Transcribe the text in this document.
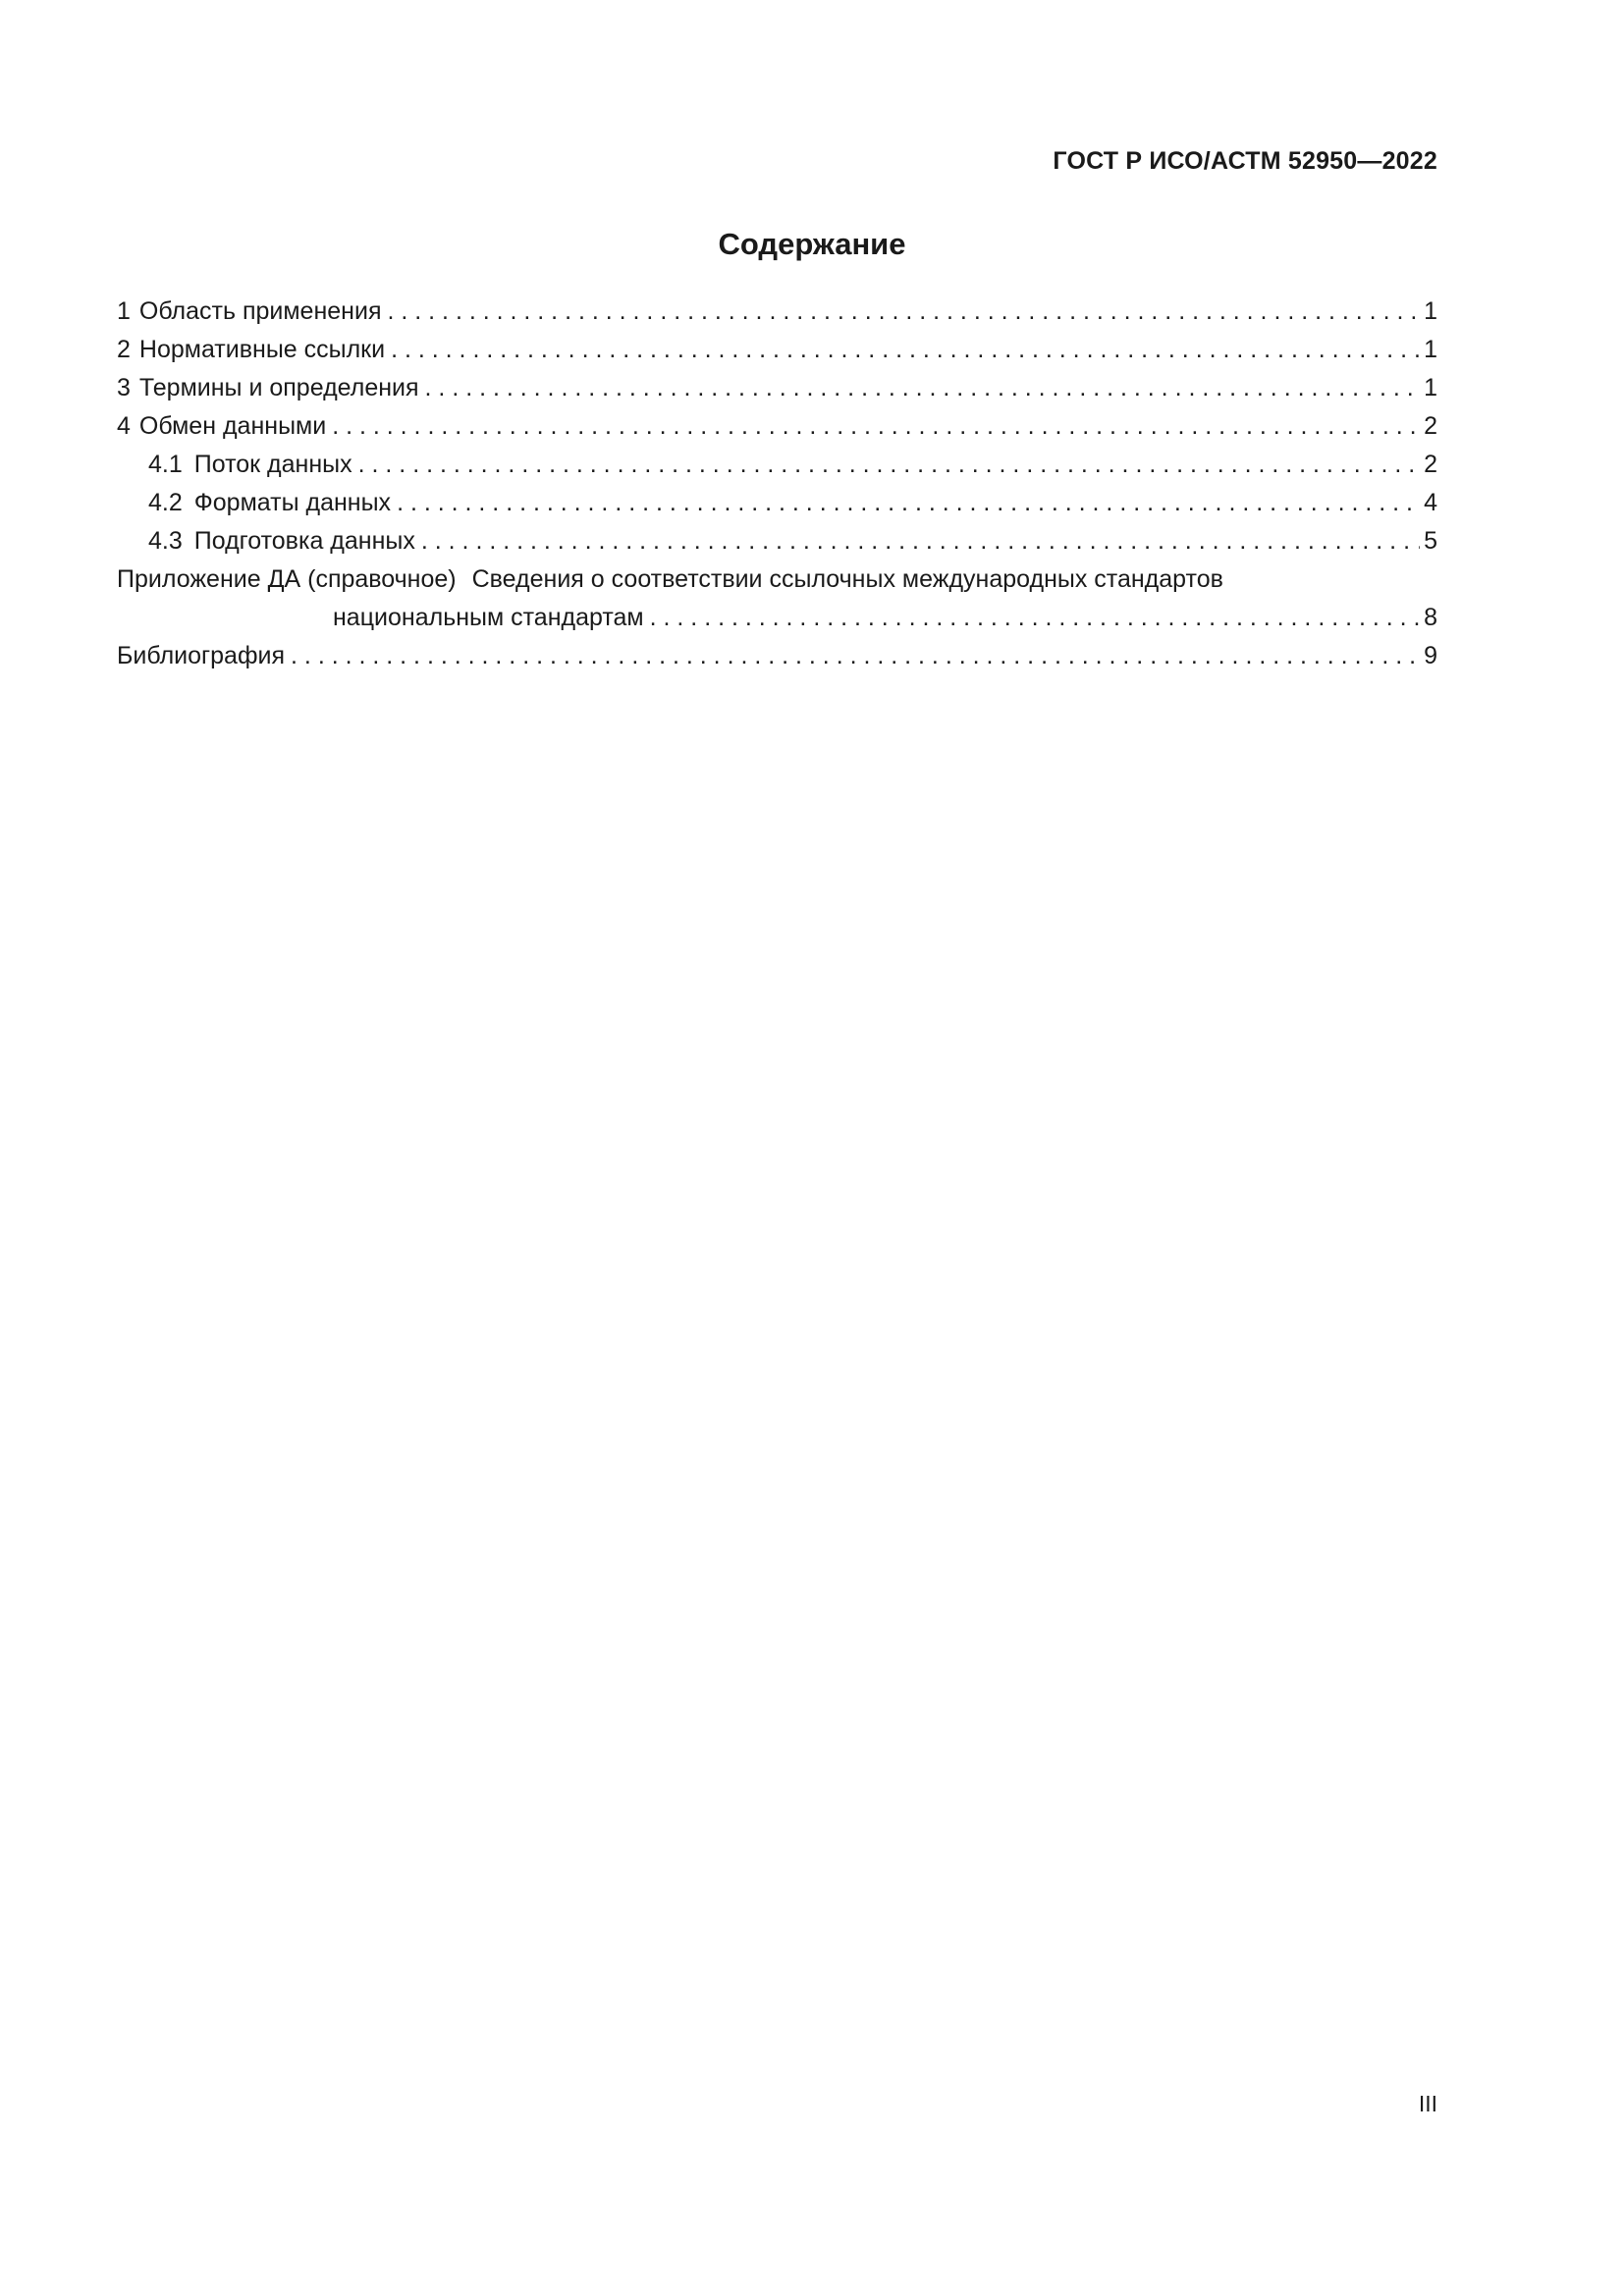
ГОСТ Р ИСО/АСТМ 52950—2022
Содержание
1 Область применения . . .	1
2 Нормативные ссылки . . .	1
3 Термины и определения . . .	1
4 Обмен данными . . .	2
4.1 Поток данных . . .	2
4.2 Форматы данных . . .	4
4.3 Подготовка данных . . .	5
Приложение ДА (справочное) Сведения о соответствии ссылочных международных стандартов
национальным стандартам . . .	8
Библиография . . .	9
III
